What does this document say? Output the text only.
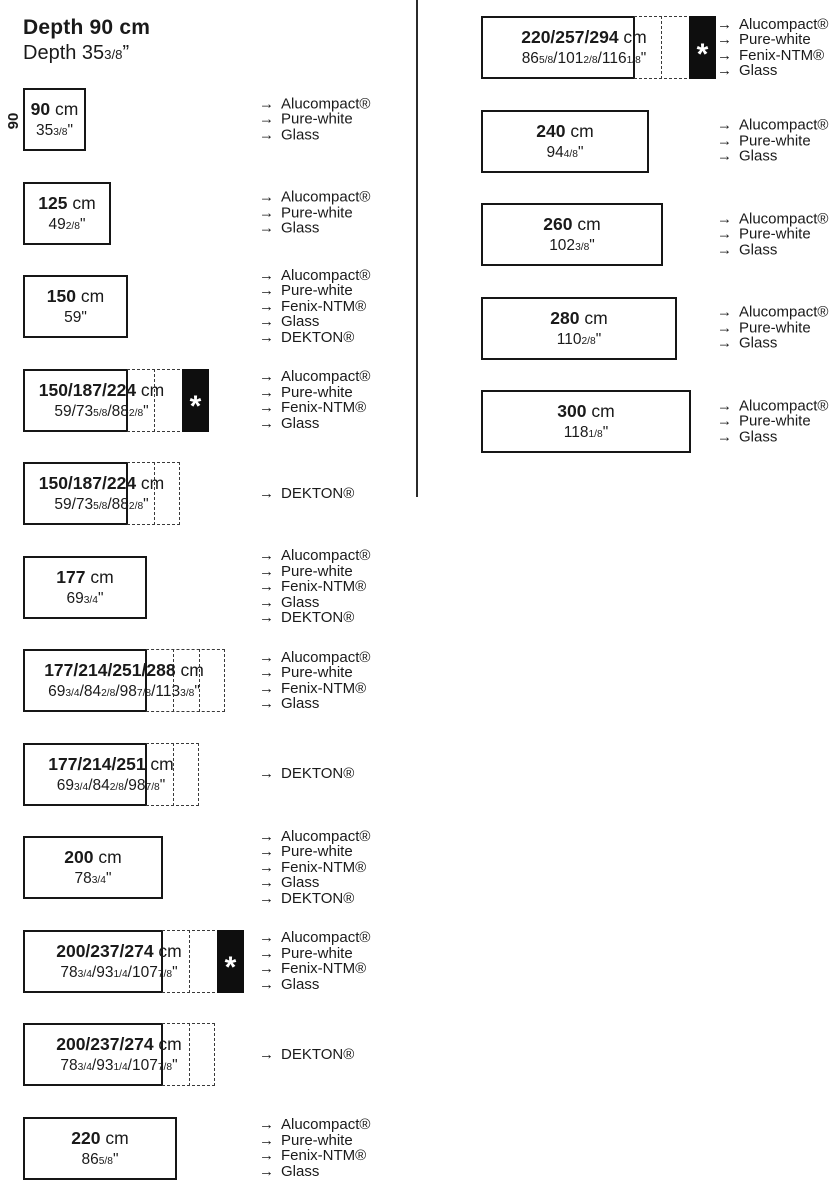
Depth 90 cm
Depth 353/8”
90
90 cm
353/8"
→ Alucompact®
→ Pure-white
→ Glass
125 cm
492/8"
→ Alucompact®
→ Pure-white
→ Glass
150 cm
59"
→ Alucompact®
→ Pure-white
→ Fenix-NTM®
→ Glass
→ DEKTON®
*
150/187/224 cm
59/735/8/882/8"
→ Alucompact®
→ Pure-white
→ Fenix-NTM®
→ Glass
150/187/224 cm
59/735/8/882/8"
→ DEKTON®
177 cm
693/4"
→ Alucompact®
→ Pure-white
→ Fenix-NTM®
→ Glass
→ DEKTON®
177/214/251/288 cm
693/4/842/8/987/8/1133/8"
→ Alucompact®
→ Pure-white
→ Fenix-NTM®
→ Glass
177/214/251 cm
693/4/842/8/987/8"
→ DEKTON®
200 cm
783/4"
→ Alucompact®
→ Pure-white
→ Fenix-NTM®
→ Glass
→ DEKTON®
*
200/237/274 cm
783/4/931/4/1077/8"
→ Alucompact®
→ Pure-white
→ Fenix-NTM®
→ Glass
200/237/274 cm
783/4/931/4/1077/8"
→ DEKTON®
220 cm
865/8"
→ Alucompact®
→ Pure-white
→ Fenix-NTM®
→ Glass
*
220/257/294 cm
865/8/1012/8/1161/8"
→ Alucompact®
→ Pure-white
→ Fenix-NTM®
→ Glass
240 cm
944/8"
→ Alucompact®
→ Pure-white
→ Glass
260 cm
1023/8"
→ Alucompact®
→ Pure-white
→ Glass
280 cm
1102/8"
→ Alucompact®
→ Pure-white
→ Glass
300 cm
1181/8"
→ Alucompact®
→ Pure-white
→ Glass
